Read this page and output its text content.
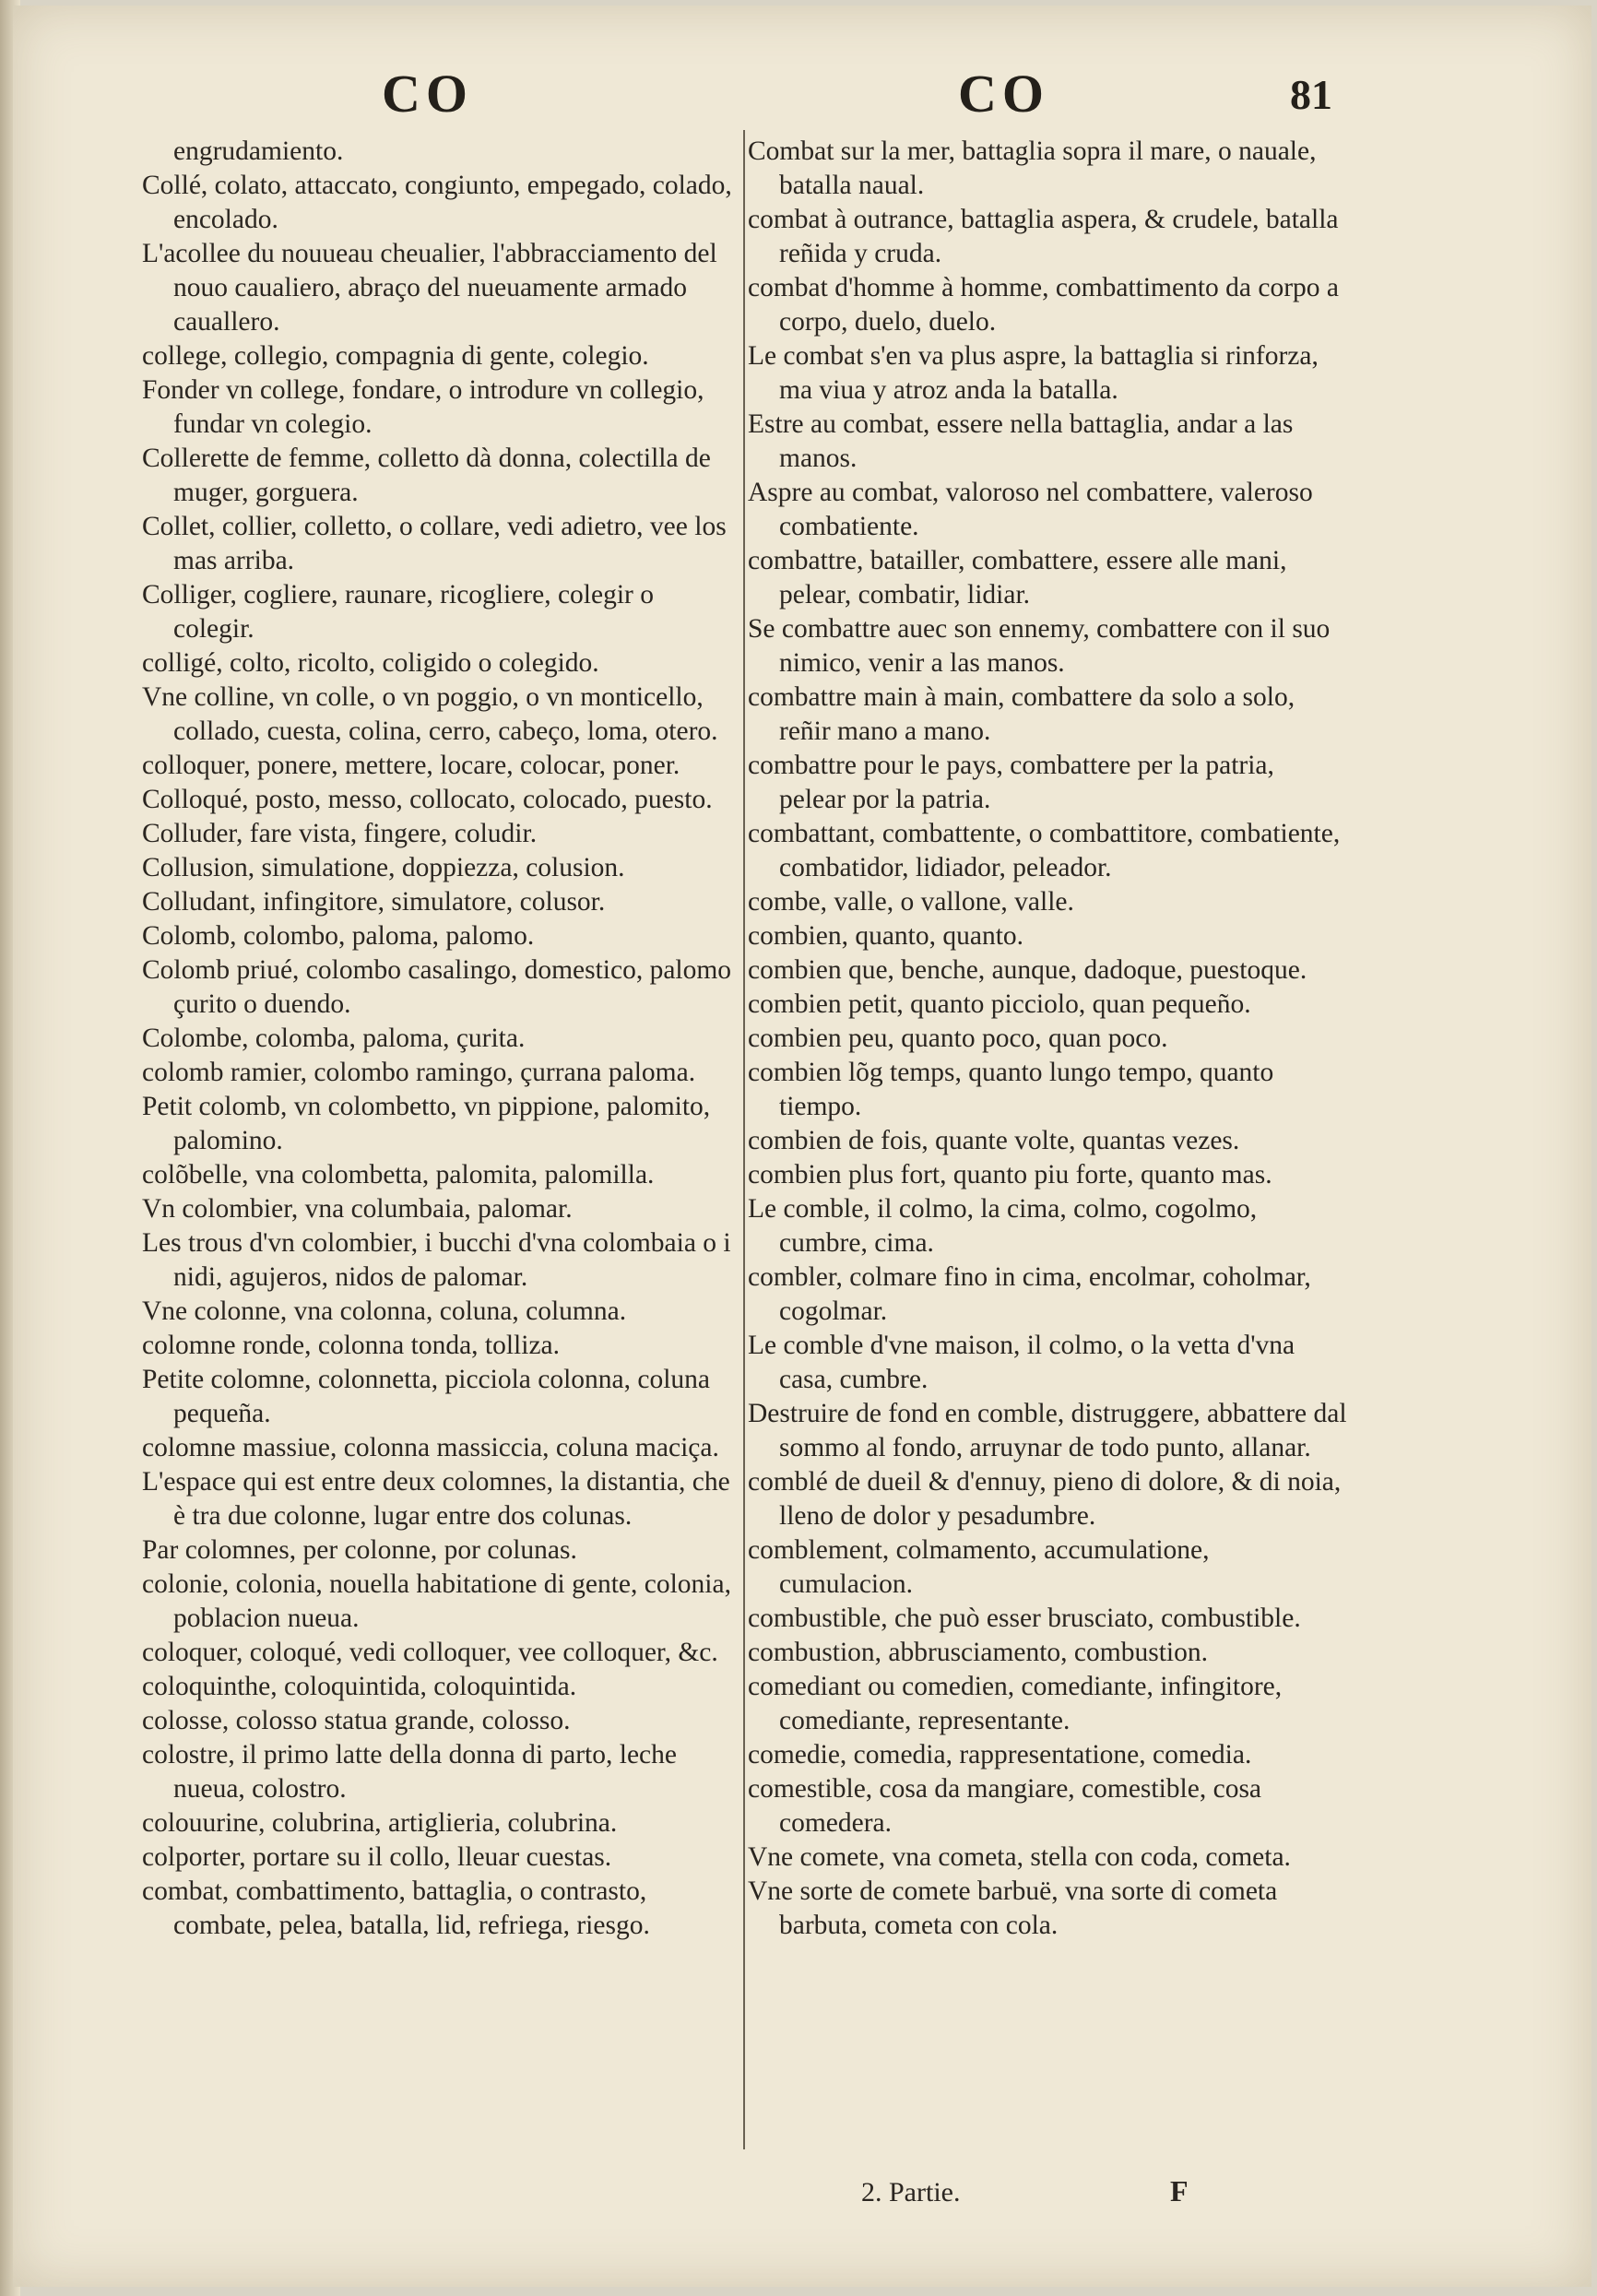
CO	CO	81

engrudamiento.

Collé, colato, attaccato, congiunto, empegado, colado, encolado.

L'acollee du nouueau cheualier, l'abbracciamento del nouo caualiero, abraço del nueuamente armado cauallero.

college, collegio, compagnia di gente, colegio.

Fonder vn college, fondare, o introdure vn collegio, fundar vn colegio.

Collerette de femme, colletto dà donna, colectilla de muger, gorguera.

Collet, collier, colletto, o collare, vedi adietro, vee los mas arriba.

Colliger, cogliere, raunare, ricogliere, colegir o colegir.

colligé, colto, ricolto, coligido o colegido.

Vne colline, vn colle, o vn poggio, o vn monticello, collado, cuesta, colina, cerro, cabeço, loma, otero.

colloquer, ponere, mettere, locare, colocar, poner.

Colloqué, posto, messo, collocato, colocado, puesto.

Colluder, fare vista, fingere, coludir.

Collusion, simulatione, doppiezza, colusion.

Colludant, infingitore, simulatore, colusor.

Colomb, colombo, paloma, palomo.

Colomb priué, colombo casalingo, domestico, palomo çurito o duendo.

Colombe, colomba, paloma, çurita.

colomb ramier, colombo ramingo, çurrana paloma.

Petit colomb, vn colombetto, vn pippione, palomito, palomino.

colõbelle, vna colombetta, palomita, palomilla.

Vn colombier, vna columbaia, palomar.

Les trous d'vn colombier, i bucchi d'vna colombaia o i nidi, agujeros, nidos de palomar.

Vne colonne, vna colonna, coluna, columna.

colomne ronde, colonna tonda, tolliza.

Petite colomne, colonnetta, picciola colonna, coluna pequeña.

colomne massiue, colonna massiccia, coluna maciça.

L'espace qui est entre deux colomnes, la distantia, che è tra due colonne, lugar entre dos colunas.

Par colomnes, per colonne, por colunas.

colonie, colonia, nouella habitatione di gente, colonia, poblacion nueua.

coloquer, coloqué, vedi colloquer, vee colloquer, &c.

coloquinthe, coloquintida, coloquintida.

colosse, colosso statua grande, colosso.

colostre, il primo latte della donna di parto, leche nueua, colostro.

colouurine, colubrina, artiglieria, colubrina.

colporter, portare su il collo, lleuar cuestas.

combat, combattimento, battaglia, o contrasto, combate, pelea, batalla, lid, refriega, riesgo.

Combat sur la mer, battaglia sopra il mare, o nauale, batalla naual.

combat à outrance, battaglia aspera, & crudele, batalla reñida y cruda.

combat d'homme à homme, combattimento da corpo a corpo, duelo, duelo.

Le combat s'en va plus aspre, la battaglia si rinforza, ma viua y atroz anda la batalla.

Estre au combat, essere nella battaglia, andar a las manos.

Aspre au combat, valoroso nel combattere, valeroso combatiente.

combattre, batailler, combattere, essere alle mani, pelear, combatir, lidiar.

Se combattre auec son ennemy, combattere con il suo nimico, venir a las manos.

combattre main à main, combattere da solo a solo, reñir mano a mano.

combattre pour le pays, combattere per la patria, pelear por la patria.

combattant, combattente, o combattitore, combatiente, combatidor, lidiador, peleador.

combe, valle, o vallone, valle.

combien, quanto, quanto.

combien que, benche, aunque, dadoque, puestoque.

combien petit, quanto picciolo, quan pequeño.

combien peu, quanto poco, quan poco.

combien lõg temps, quanto lungo tempo, quanto tiempo.

combien de fois, quante volte, quantas vezes.

combien plus fort, quanto piu forte, quanto mas.

Le comble, il colmo, la cima, colmo, cogolmo, cumbre, cima.

combler, colmare fino in cima, encolmar, coholmar, cogolmar.

Le comble d'vne maison, il colmo, o la vetta d'vna casa, cumbre.

Destruire de fond en comble, distruggere, abbattere dal sommo al fondo, arruynar de todo punto, allanar.

comblé de dueil & d'ennuy, pieno di dolore, & di noia, lleno de dolor y pesadumbre.

comblement, colmamento, accumulatione, cumulacion.

combustible, che può esser brusciato, combustible.

combustion, abbrusciamento, combustion.

comediant ou comedien, comediante, infingitore, comediante, representante.

comedie, comedia, rappresentatione, comedia.

comestible, cosa da mangiare, comestible, cosa comedera.

Vne comete, vna cometa, stella con coda, cometa.

Vne sorte de comete barbuë, vna sorte di cometa barbuta, cometa con cola.

2. Partie.	F
